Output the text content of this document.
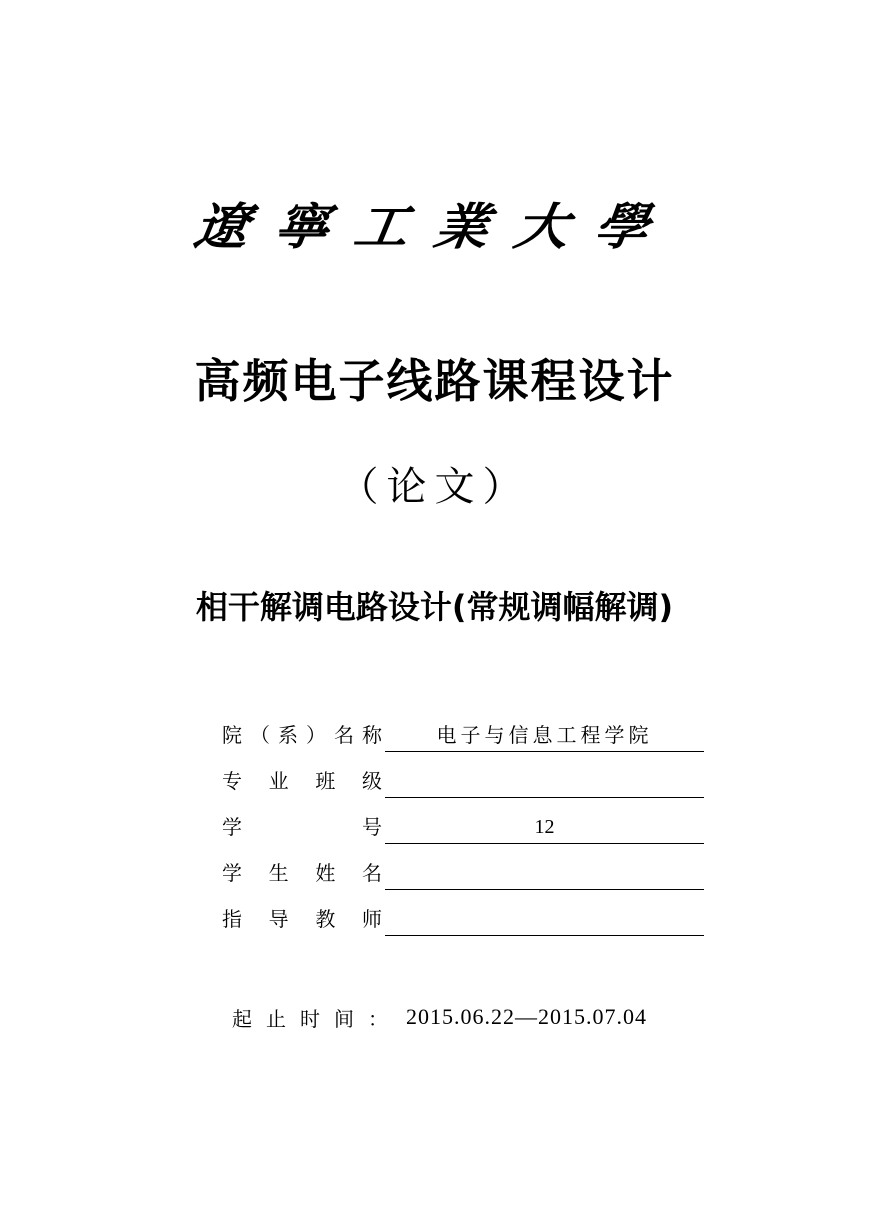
遼寧工業大學
高频电子线路课程设计
（论文）
相干解调电路设计(常规调幅解调)
院 （ 系 ） 名 称	电子与信息工程学院
专 业 班 级
学	号	12
学 生 姓 名
指 导 教 师
起止时间： 2015.06.22—2015.07.04
